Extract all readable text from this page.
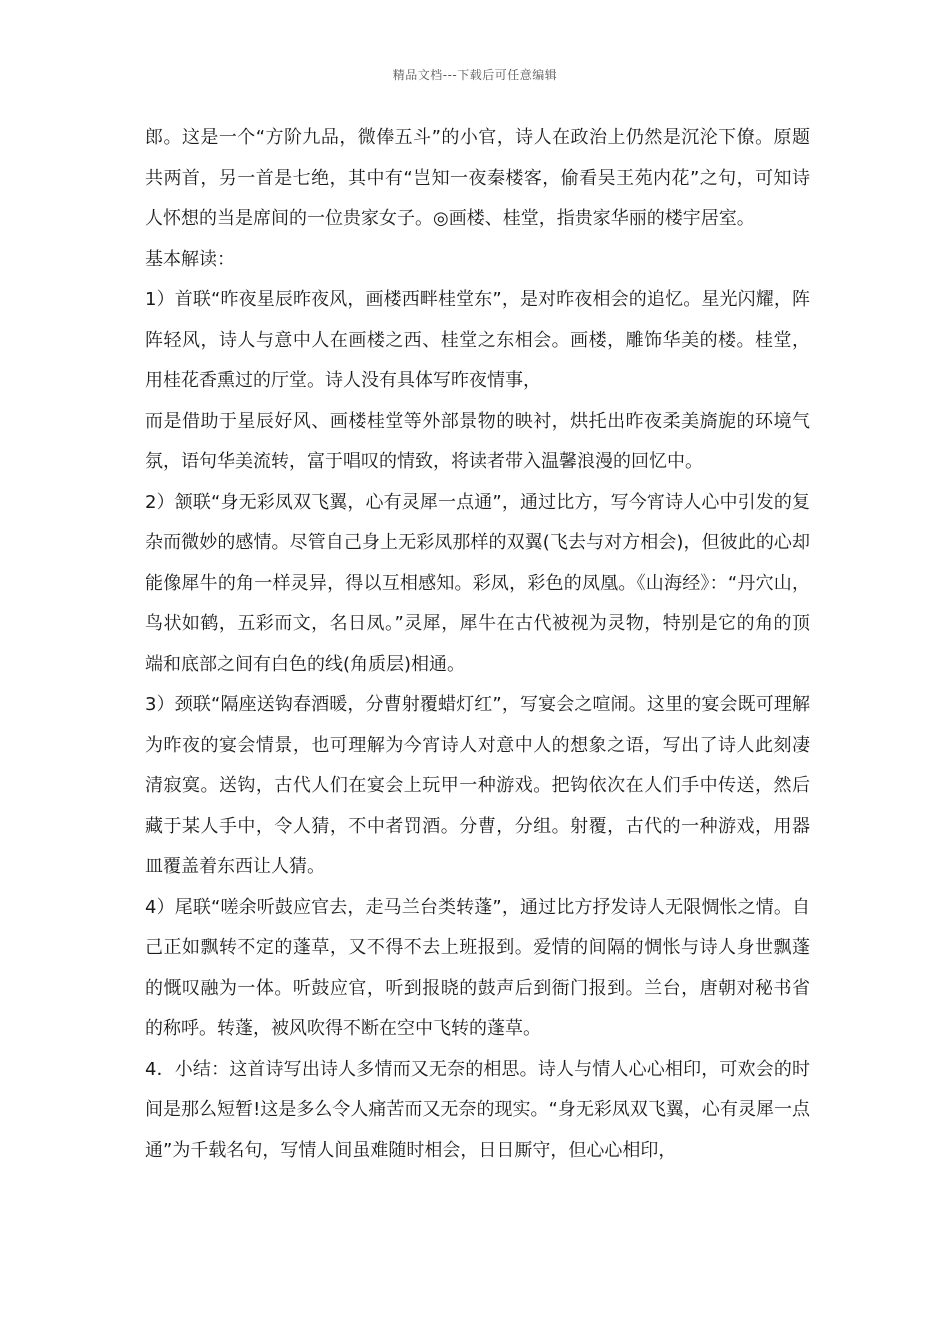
精品文档---下载后可任意编辑

郎。这是一个“方阶九品，微俸五斗”的小官，诗人在政治上仍然是沉沦下僚。原题共两首，另一首是七绝，其中有“岂知一夜秦楼客，偷看吴王苑内花”之句，可知诗人怀想的当是席间的一位贵家女子。◎画楼、桂堂，指贵家华丽的楼宇居室。

基本解读：

1）首联“昨夜星辰昨夜风，画楼西畔桂堂东”，是对昨夜相会的追忆。星光闪耀，阵阵轻风，诗人与意中人在画楼之西、桂堂之东相会。画楼，雕饰华美的楼。桂堂，用桂花香熏过的厅堂。诗人没有具体写昨夜情事，

而是借助于星辰好风、画楼桂堂等外部景物的映衬，烘托出昨夜柔美旖旎的环境气氛，语句华美流转，富于唱叹的情致，将读者带入温馨浪漫的回忆中。

2）颔联“身无彩凤双飞翼，心有灵犀一点通”，通过比方，写今宵诗人心中引发的复杂而微妙的感情。尽管自己身上无彩凤那样的双翼(飞去与对方相会)，但彼此的心却能像犀牛的角一样灵异，得以互相感知。彩凤，彩色的凤凰。《山海经》：“丹穴山，鸟状如鹤，五彩而文，名日凤。”灵犀，犀牛在古代被视为灵物，特别是它的角的顶端和底部之间有白色的线(角质层)相通。

3）颈联“隔座送钩春酒暖，分曹射覆蜡灯红”，写宴会之喧闹。这里的宴会既可理解为昨夜的宴会情景，也可理解为今宵诗人对意中人的想象之语，写出了诗人此刻凄清寂寞。送钩，古代人们在宴会上玩甲一种游戏。把钩依次在人们手中传送，然后藏于某人手中，令人猜，不中者罚酒。分曹，分组。射覆，古代的一种游戏，用器皿覆盖着东西让人猜。

4）尾联“嗟余听鼓应官去，走马兰台类转蓬”，通过比方抒发诗人无限惆怅之情。自己正如飘转不定的蓬草，又不得不去上班报到。爱情的间隔的惆怅与诗人身世飘蓬的慨叹融为一体。听鼓应官，听到报晓的鼓声后到衙门报到。兰台，唐朝对秘书省的称呼。转蓬，被风吹得不断在空中飞转的蓬草。

4．小结：这首诗写出诗人多情而又无奈的相思。诗人与情人心心相印，可欢会的时间是那么短暂!这是多么令人痛苦而又无奈的现实。“身无彩凤双飞翼，心有灵犀一点通”为千载名句，写情人间虽难随时相会，日日厮守，但心心相印，
